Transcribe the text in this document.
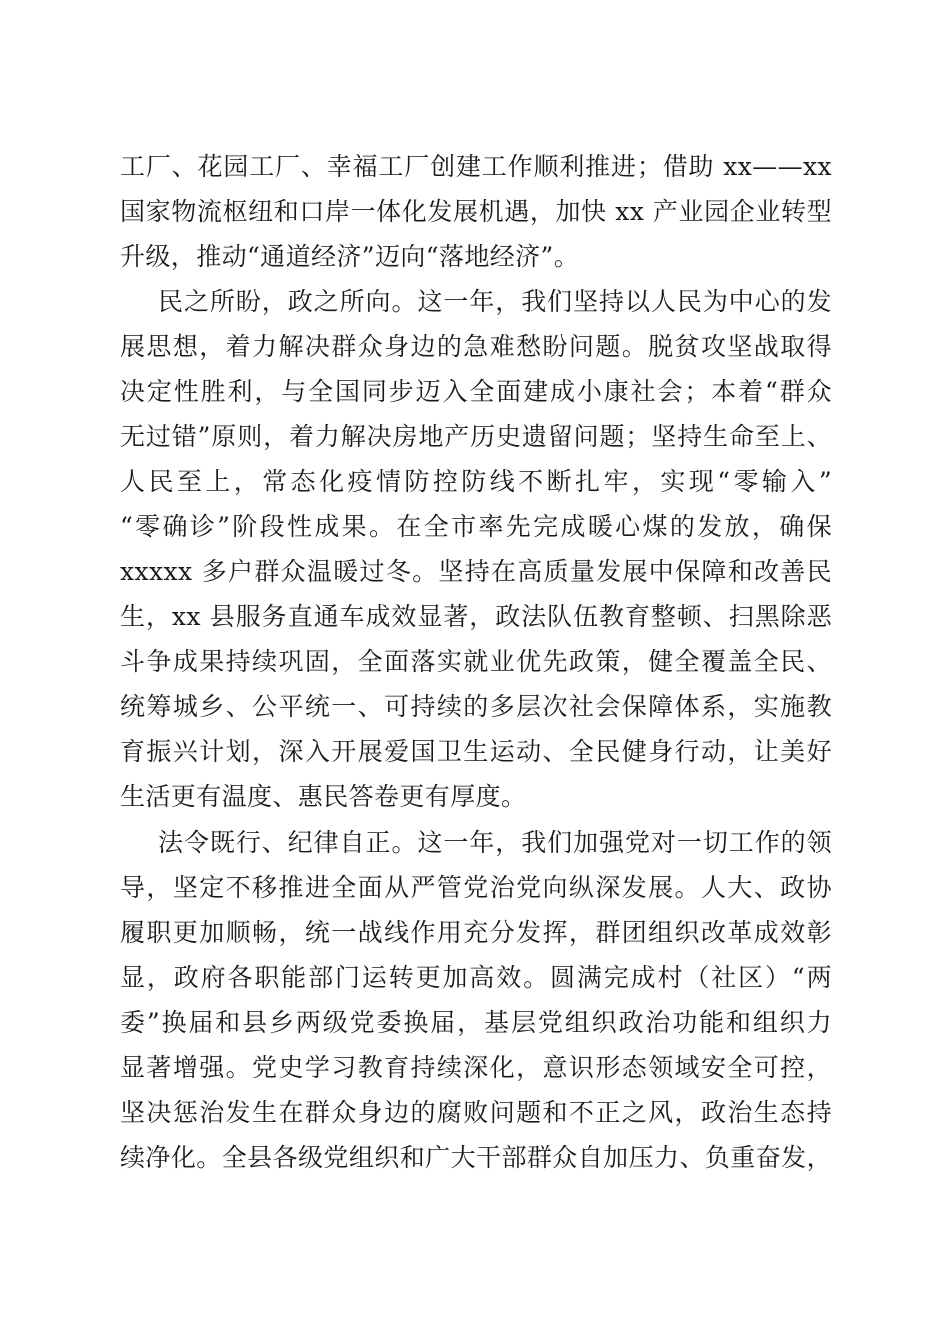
工厂、花园工厂、幸福工厂创建工作顺利推进；借助 xx——xx
国家物流枢纽和口岸一体化发展机遇，加快 xx 产业园企业转型
升级，推动“通道经济”迈向“落地经济”。
民之所盼，政之所向。这一年，我们坚持以人民为中心的发
展思想，着力解决群众身边的急难愁盼问题。脱贫攻坚战取得
决定性胜利，与全国同步迈入全面建成小康社会；本着“群众
无过错”原则，着力解决房地产历史遗留问题；坚持生命至上、
人民至上，常态化疫情防控防线不断扎牢，实现“零输入”
“零确诊”阶段性成果。在全市率先完成暖心煤的发放，确保
xxxxx 多户群众温暖过冬。坚持在高质量发展中保障和改善民
生，xx 县服务直通车成效显著，政法队伍教育整顿、扫黑除恶
斗争成果持续巩固，全面落实就业优先政策，健全覆盖全民、
统筹城乡、公平统一、可持续的多层次社会保障体系，实施教
育振兴计划，深入开展爱国卫生运动、全民健身行动，让美好
生活更有温度、惠民答卷更有厚度。
法令既行、纪律自正。这一年，我们加强党对一切工作的领
导，坚定不移推进全面从严管党治党向纵深发展。人大、政协
履职更加顺畅，统一战线作用充分发挥，群团组织改革成效彰
显，政府各职能部门运转更加高效。圆满完成村（社区）“两
委”换届和县乡两级党委换届，基层党组织政治功能和组织力
显著增强。党史学习教育持续深化，意识形态领域安全可控，
坚决惩治发生在群众身边的腐败问题和不正之风，政治生态持
续净化。全县各级党组织和广大干部群众自加压力、负重奋发，
